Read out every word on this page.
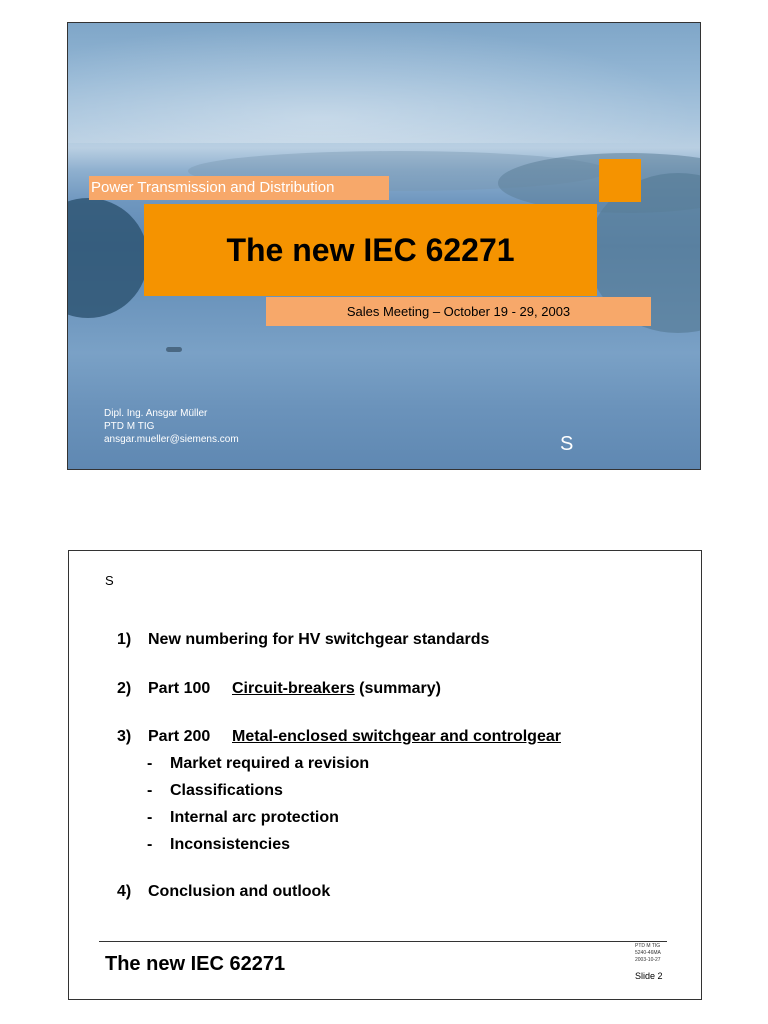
Power Transmission and Distribution
The new IEC 62271
Sales Meeting – October 19 - 29, 2003
Dipl. Ing. Ansgar Müller
PTD M TIG
ansgar.mueller@siemens.com	S
S
1) New numbering for HV switchgear standards
2) Part 100 Circuit-breakers (summary)
3) Part 200 Metal-enclosed switchgear and controlgear
- Market required a revision
- Classifications
- Internal arc protection
- Inconsistencies
4) Conclusion and outlook
The new IEC 62271
PTD M TIG
5240-46MA
2003-10-27
Slide 2
